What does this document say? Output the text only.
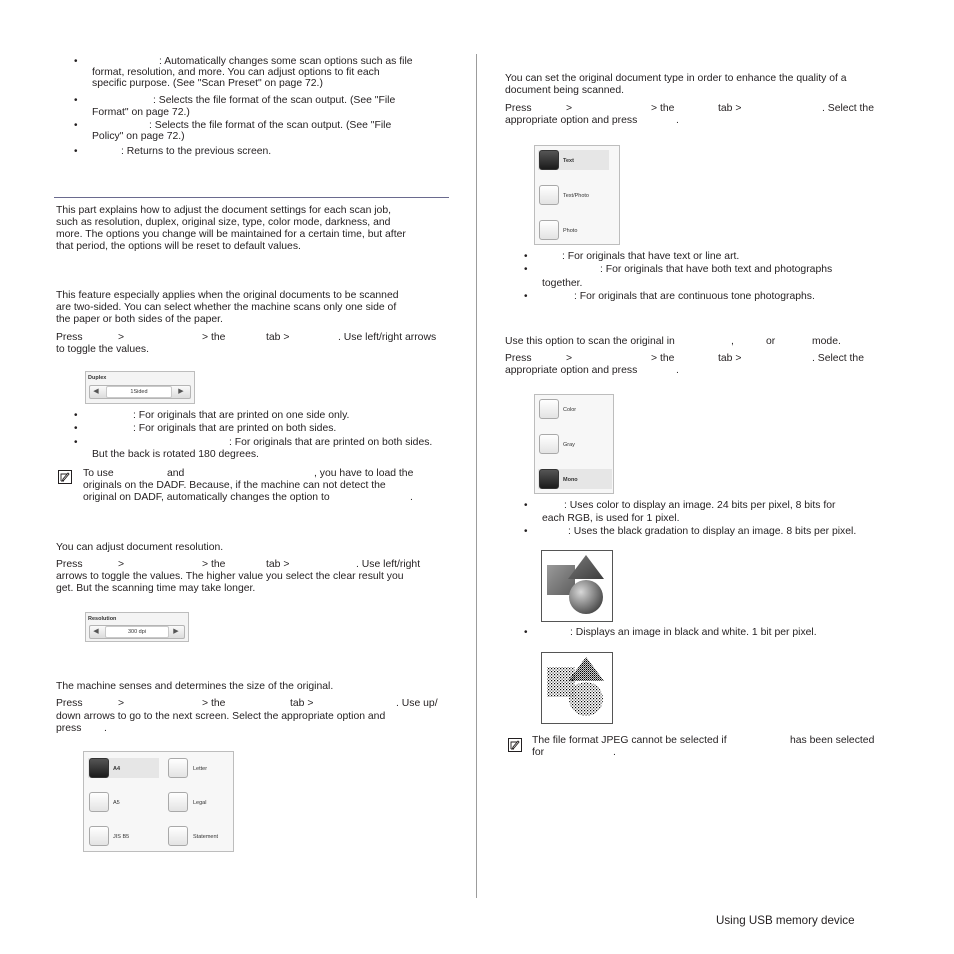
•	: Automatically changes some scan options such as file

format, resolution, and more. You can adjust options to fit each

specific purpose. (See "Scan Preset" on page 72.)

•	: Selects the file format of the scan output. (See "File

Format" on page 72.)

•	: Selects the file format of the scan output. (See "File

Policy" on page 72.)

•	: Returns to the previous screen.

This part explains how to adjust the document settings for each scan job,

such as resolution, duplex, original size, type, color mode, darkness, and

more. The options you change will be maintained for a certain time, but after

that period, the options will be reset to default values.

This feature especially applies when the original documents to be scanned

are two-sided. You can select whether the machine scans only one side of

the paper or both sides of the paper.

Press	>	> the	tab >	. Use left/right arrows

to toggle the values.

Duplex
◀	1Sided	▶
•	: For originals that are printed on one side only.

•	: For originals that are printed on both sides.

•	: For originals that are printed on both sides.

But the back is rotated 180 degrees.

To use	and	, you have to load the

originals on the DADF. Because, if the machine can not detect the

original on DADF, automatically changes the option to	.

You can adjust document resolution.

Press	>	> the	tab >	. Use left/right

arrows to toggle the values. The higher value you select the clear result you

get. But the scanning time may take longer.

Resolution
◀	300 dpi	▶

The machine senses and determines the size of the original.

Press	>	> the	tab >	. Use up/

down arrows to go to the next screen. Select the appropriate option and

press .

A4
A5
JIS B5
Letter
Legal
Statement

You can set the original document type in order to enhance the quality of a

document being scanned.

Press	>	> the	tab >	. Select the

appropriate option and press	.

Text
Text/Photo
Photo
•	: For originals that have text or line art.

•	: For originals that have both text and photographs

together.

•	: For originals that are continuous tone photographs.

Use this option to scan the original in	,	or	mode.

Press	>	> the	tab >	. Select the

appropriate option and press	.

Color
Gray
Mono
•	: Uses color to display an image. 24 bits per pixel, 8 bits for

each RGB, is used for 1 pixel.

•	: Uses the black gradation to display an image. 8 bits per pixel.

•	: Displays an image in black and white. 1 bit per pixel.

The file format JPEG cannot be selected if	has been selected

for	.

Using USB memory device
